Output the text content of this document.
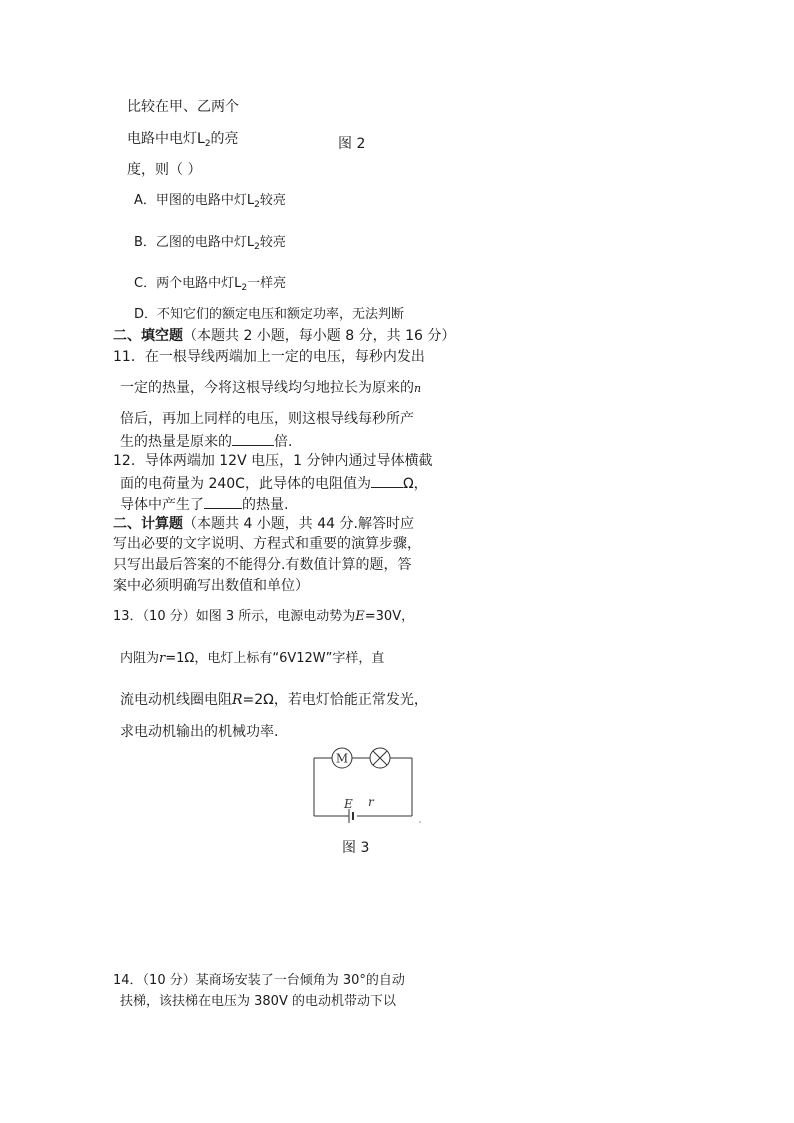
比较在甲、乙两个
电路中电灯$L_2$的亮	图 2
度，则（ ）
A．甲图的电路中灯$L_2$较亮
B．乙图的电路中灯$L_2$较亮
C．两个电路中灯$L_2$一样亮
D．不知它们的额定电压和额定功率，无法判断
二、填空题（本题共 2 小题，每小题 8 分，共 16 分）
11．在一根导线两端加上一定的电压，每秒内发出
一定的热量，今将这根导线均匀地拉长为原来的n
倍后，再加上同样的电压，则这根导线每秒所产
生的热量是原来的	倍.
12．导体两端加 12V 电压，1 分钟内通过导体横截
面的电荷量为 240C，此导体的电阻值为 Ω，
导体中产生了	的热量.
二、计算题（本题共 4 小题，共 44 分.解答时应
写出必要的文字说明、方程式和重要的演算步骤，
只写出最后答案的不能得分.有数值计算的题，答
案中必须明确写出数值和单位）
13．（10 分）如图 3 所示，电源电动势为E=30V，
内阻为r=1Ω，电灯上标有“6V12W”字样，直
流电动机线圈电阻R=2Ω，若电灯恰能正常发光，
求电动机输出的机械功率.
M
E r
图 3
14．（10 分）某商场安装了一台倾角为 30°的自动
扶梯，该扶梯在电压为 380V 的电动机带动下以
